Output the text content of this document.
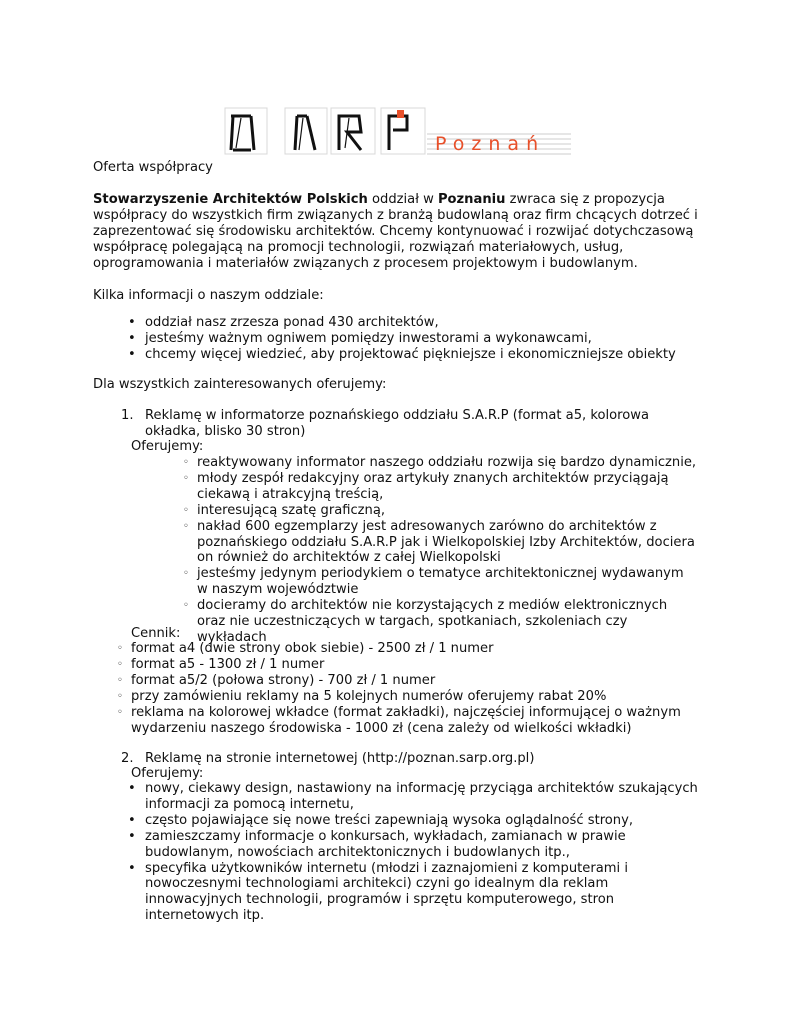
Poznań

Oferta współpracy

Stowarzyszenie Architektów Polskich oddział w Poznaniu zwraca się z propozycja współpracy do wszystkich firm związanych z branżą budowlaną oraz firm chcących dotrzeć i zaprezentować się środowisku architektów. Chcemy kontynuować i rozwijać dotychczasową współpracę polegającą na promocji technologii, rozwiązań materiałowych, usług, oprogramowania i materiałów związanych z procesem projektowym i budowlanym.

Kilka informacji o naszym oddziale:

• oddział nasz zrzesza ponad 430 architektów,
• jesteśmy ważnym ogniwem pomiędzy inwestorami a wykonawcami,
• chcemy więcej wiedzieć, aby projektować piękniejsze i ekonomiczniejsze obiekty

Dla wszystkich zainteresowanych oferujemy:

1. Reklamę w informatorze poznańskiego oddziału S.A.R.P (format a5, kolorowa okładka, blisko 30 stron)

Oferujemy:

◦ reaktywowany informator naszego oddziału rozwija się bardzo dynamicznie,
◦ młody zespół redakcyjny oraz artykuły znanych architektów przyciągają ciekawą i atrakcyjną treścią,
◦ interesującą szatę graficzną,
◦ nakład 600 egzemplarzy jest adresowanych zarówno do architektów z poznańskiego oddziału S.A.R.P jak i Wielkopolskiej Izby Architektów, dociera on również do architektów z całej Wielkopolski
◦ jesteśmy jedynym periodykiem o tematyce architektonicznej wydawanym w naszym województwie
◦ docieramy do architektów nie korzystających z mediów elektronicznych oraz nie uczestniczących w targach, spotkaniach, szkoleniach czy wykładach

Cennik:

◦ format a4 (dwie strony obok siebie) - 2500 zł / 1 numer
◦ format a5 - 1300 zł / 1 numer
◦ format a5/2 (połowa strony) - 700 zł / 1 numer
◦ przy zamówieniu reklamy na 5 kolejnych numerów oferujemy rabat 20%
◦ reklama na kolorowej wkładce (format zakładki), najczęściej informującej o ważnym wydarzeniu naszego środowiska - 1000 zł (cena zależy od wielkości wkładki)
2. Reklamę na stronie internetowej (http://poznan.sarp.org.pl)

Oferujemy:

• nowy, ciekawy design, nastawiony na informację przyciąga architektów szukających informacji za pomocą internetu,
• często pojawiające się nowe treści zapewniają wysoka oglądalność strony,
• zamieszczamy informacje o konkursach, wykładach, zamianach w prawie budowlanym, nowościach architektonicznych i budowlanych itp.,
• specyfika użytkowników internetu (młodzi i zaznajomieni z komputerami i nowoczesnymi technologiami architekci) czyni go idealnym dla reklam innowacyjnych technologii, programów i sprzętu komputerowego, stron internetowych itp.
